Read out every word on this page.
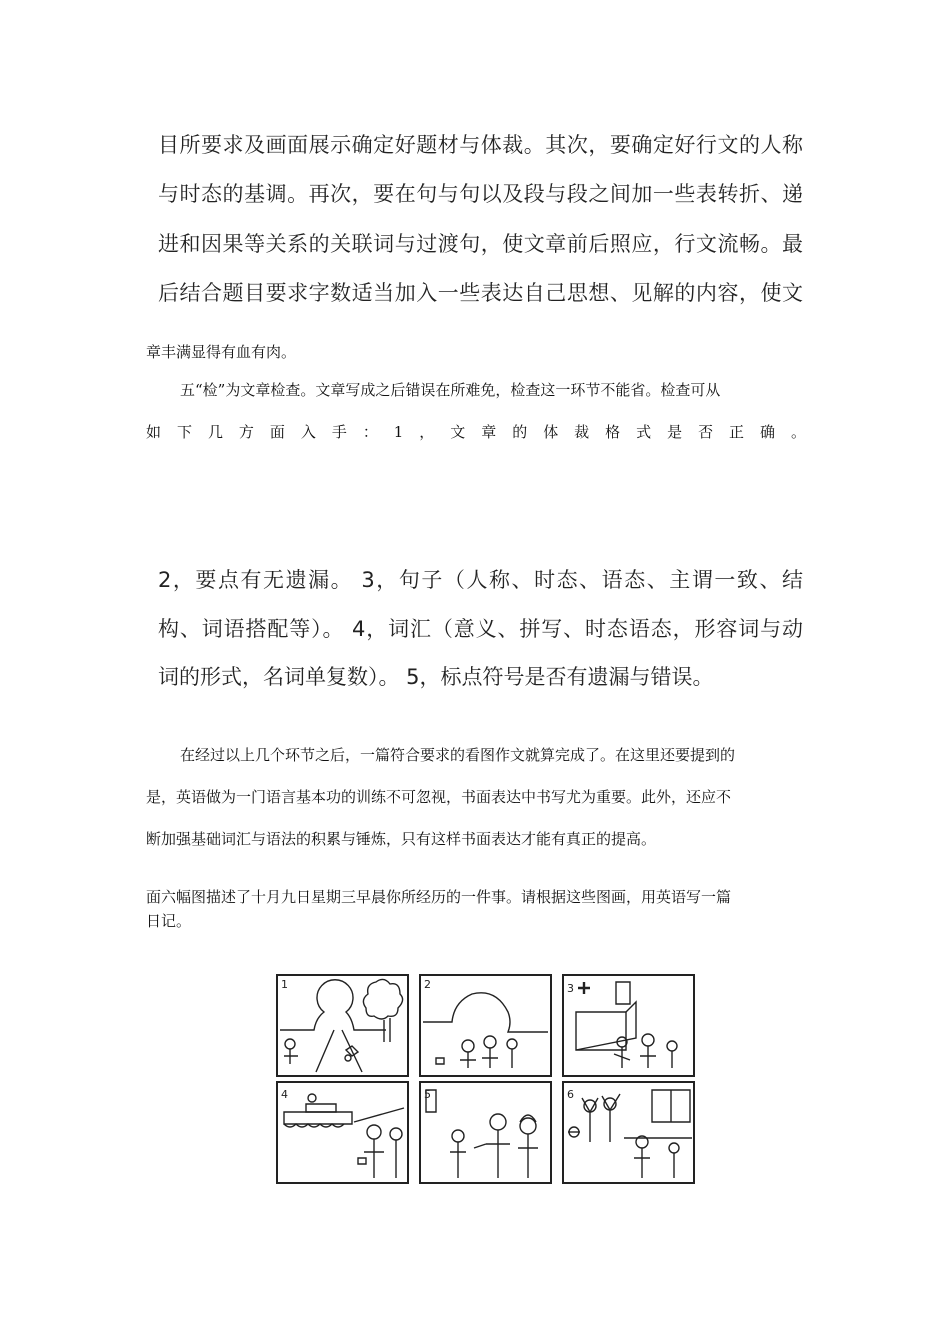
目所要求及画面展示确定好题材与体裁。其次，要确定好行文的人称
与时态的基调。再次，要在句与句以及段与段之间加一些表转折、递
进和因果等关系的关联词与过渡句，使文章前后照应，行文流畅。最
后结合题目要求字数适当加入一些表达自己思想、见解的内容，使文
章丰满显得有血有肉。
五“检”为文章检查。文章写成之后错误在所难免，检查这一环节不能省。检查可从
如下几方面入手：1，文章的体裁格式是否正确。
2，要点有无遗漏。 3，句子（人称、时态、语态、主谓一致、结
构、词语搭配等）。 4，词汇（意义、拼写、时态语态，形容词与动
词的形式，名词单复数）。 5，标点符号是否有遗漏与错误。
在经过以上几个环节之后，一篇符合要求的看图作文就算完成了。在这里还要提到的
是，英语做为一门语言基本功的训练不可忽视，书面表达中书写尤为重要。此外，还应不
断加强基础词汇与语法的积累与锤炼，只有这样书面表达才能有真正的提高。
面六幅图描述了十月九日星期三早晨你所经历的一件事。请根据这些图画，用英语写一篇
日记。
1	2	3
4	5	6
